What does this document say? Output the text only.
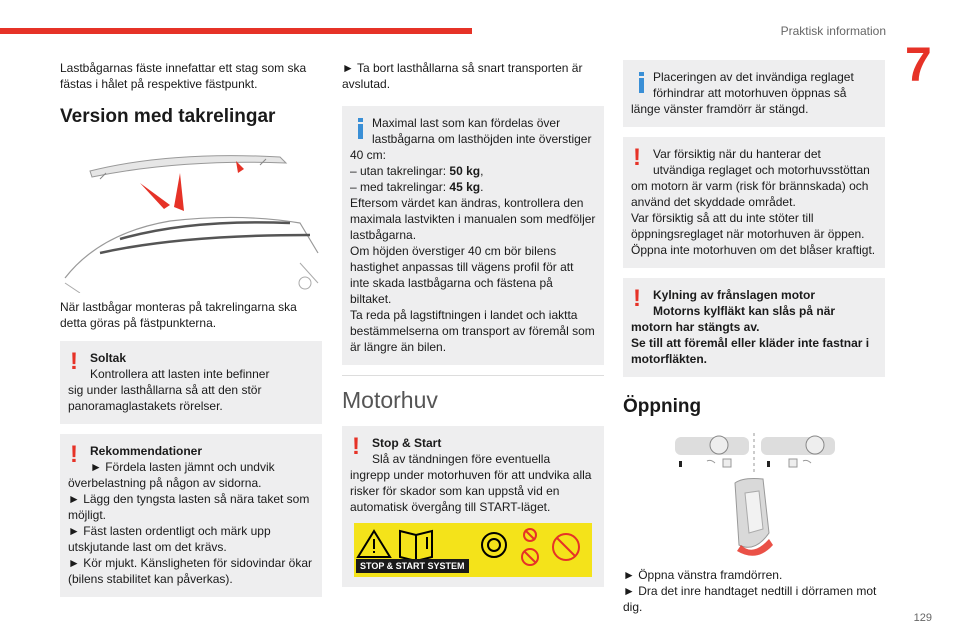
Praktisk information
7
129

Lastbågarnas fäste innefattar ett stag som ska fästas i hålet på respektive fästpunkt.

Version med takrelingar

När lastbågar monteras på takrelingarna ska detta göras på fästpunkterna.

!	Soltak
Kontrollera att lasten inte befinner

sig under lasthållarna så att den stör panoramaglastakets rörelser.

!	Rekommendationer
► Fördela lasten jämnt och undvik

överbelastning på någon av sidorna.

► Lägg den tyngsta lasten så nära taket som möjligt.

► Fäst lasten ordentligt och märk upp utskjutande last om det krävs.

► Kör mjukt. Känsligheten för sidovindar ökar (bilens stabilitet kan påverkas).

► Ta bort lasthållarna så snart transporten är avslutad.

Maximal last som kan fördelas över
lastbågarna om lasthöjden inte överstiger

40 cm:

– utan takrelingar: 50 kg,

– med takrelingar: 45 kg.

Eftersom värdet kan ändras, kontrollera den maximala lastvikten i manualen som medföljer lastbågarna.

Om höjden överstiger 40 cm bör bilens hastighet anpassas till vägens profil för att inte skada lastbågarna och fästena på biltaket.

Ta reda på lagstiftningen i landet och iaktta bestämmelserna om transport av föremål som är längre än bilen.

Motorhuv
!	Stop & Start
Slå av tändningen före eventuella

ingrepp under motorhuven för att undvika alla risker för skador som kan uppstå vid en automatisk övergång till START-läget.

STOP & START SYSTEM
Placeringen av det invändiga reglaget
förhindrar att motorhuven öppnas så

länge vänster framdörr är stängd.

!	Var försiktig när du hanterar det
utvändiga reglaget och motorhuvsstöttan

om motorn är varm (risk för brännskada) och använd det skyddade området.

Var försiktig så att du inte stöter till öppningsreglaget när motorhuven är öppen. Öppna inte motorhuven om det blåser kraftigt.

!	Kylning av frånslagen motor
Motorns kylfläkt kan slås på när

motorn har stängts av.

Se till att föremål eller kläder inte fastnar i motorfläkten.

Öppning

► Öppna vänstra framdörren.

► Dra det inre handtaget nedtill i dörramen mot dig.
